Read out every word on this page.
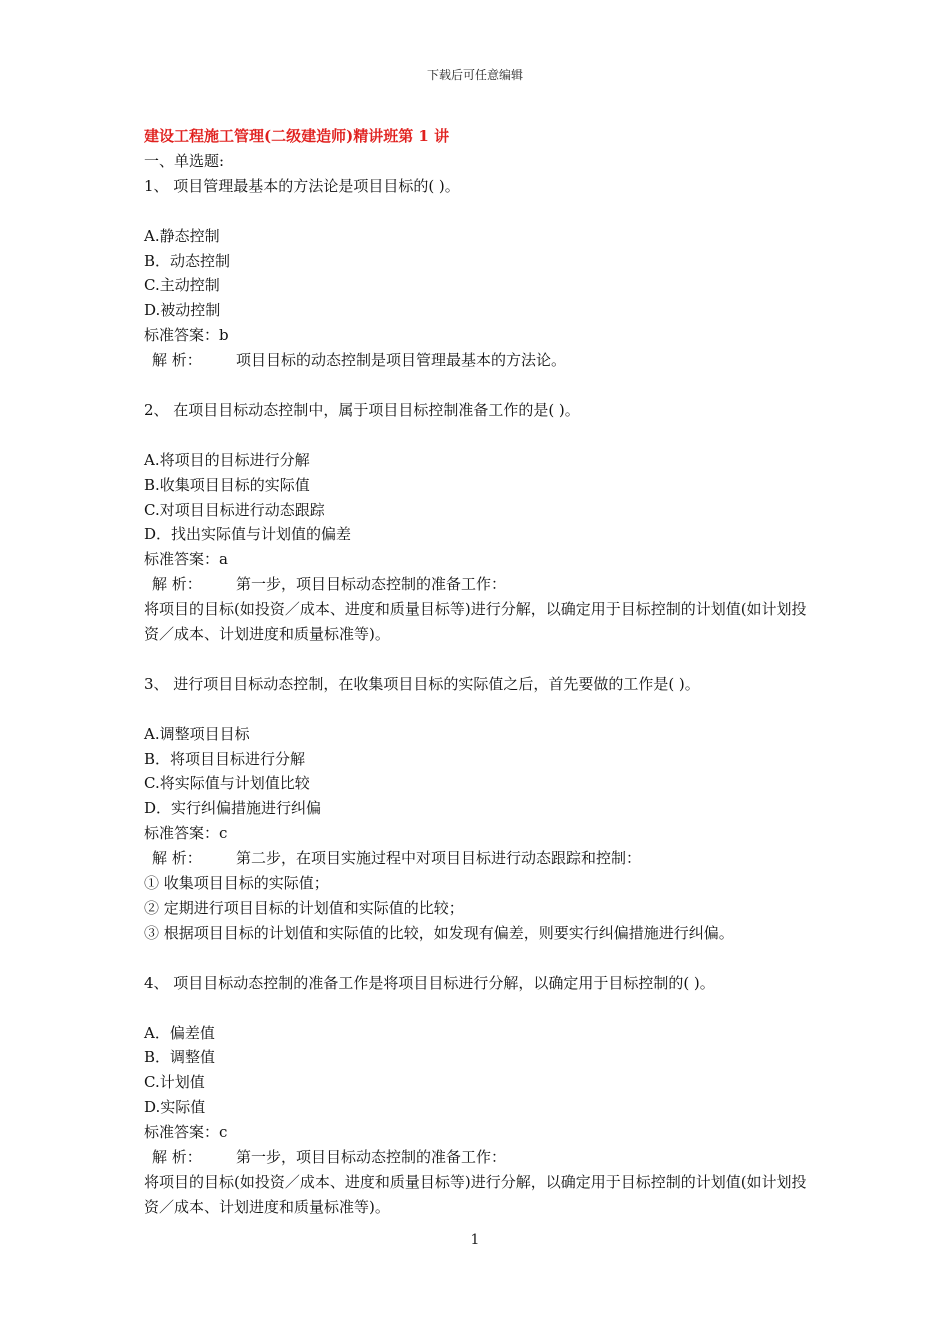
下载后可任意编辑
建设工程施工管理(二级建造师)精讲班第 1 讲
一、单选题:
1、 项目管理最基本的方法论是项目目标的( )。
A.静态控制
B．动态控制
C.主动控制
D.被动控制
标准答案：b
解 析： 项目目标的动态控制是项目管理最基本的方法论。
2、 在项目目标动态控制中，属于项目目标控制准备工作的是( )。
A.将项目的目标进行分解
B.收集项目目标的实际值
C.对项目目标进行动态跟踪
D．找出实际值与计划值的偏差
标准答案：a
解 析： 第一步，项目目标动态控制的准备工作：
将项目的目标(如投资／成本、进度和质量目标等)进行分解，以确定用于目标控制的计划值(如计划投资／成本、计划进度和质量标准等)。
3、 进行项目目标动态控制，在收集项目目标的实际值之后，首先要做的工作是( )。
A.调整项目目标
B．将项目目标进行分解
C.将实际值与计划值比较
D．实行纠偏措施进行纠偏
标准答案：c
解 析： 第二步，在项目实施过程中对项目目标进行动态跟踪和控制：
① 收集项目目标的实际值；
② 定期进行项目目标的计划值和实际值的比较；
③ 根据项目目标的计划值和实际值的比较，如发现有偏差，则要实行纠偏措施进行纠偏。
4、 项目目标动态控制的准备工作是将项目目标进行分解，以确定用于目标控制的( )。
A．偏差值
B．调整值
C.计划值
D.实际值
标准答案：c
解 析： 第一步，项目目标动态控制的准备工作：
将项目的目标(如投资／成本、进度和质量目标等)进行分解，以确定用于目标控制的计划值(如计划投资／成本、计划进度和质量标准等)。
1
